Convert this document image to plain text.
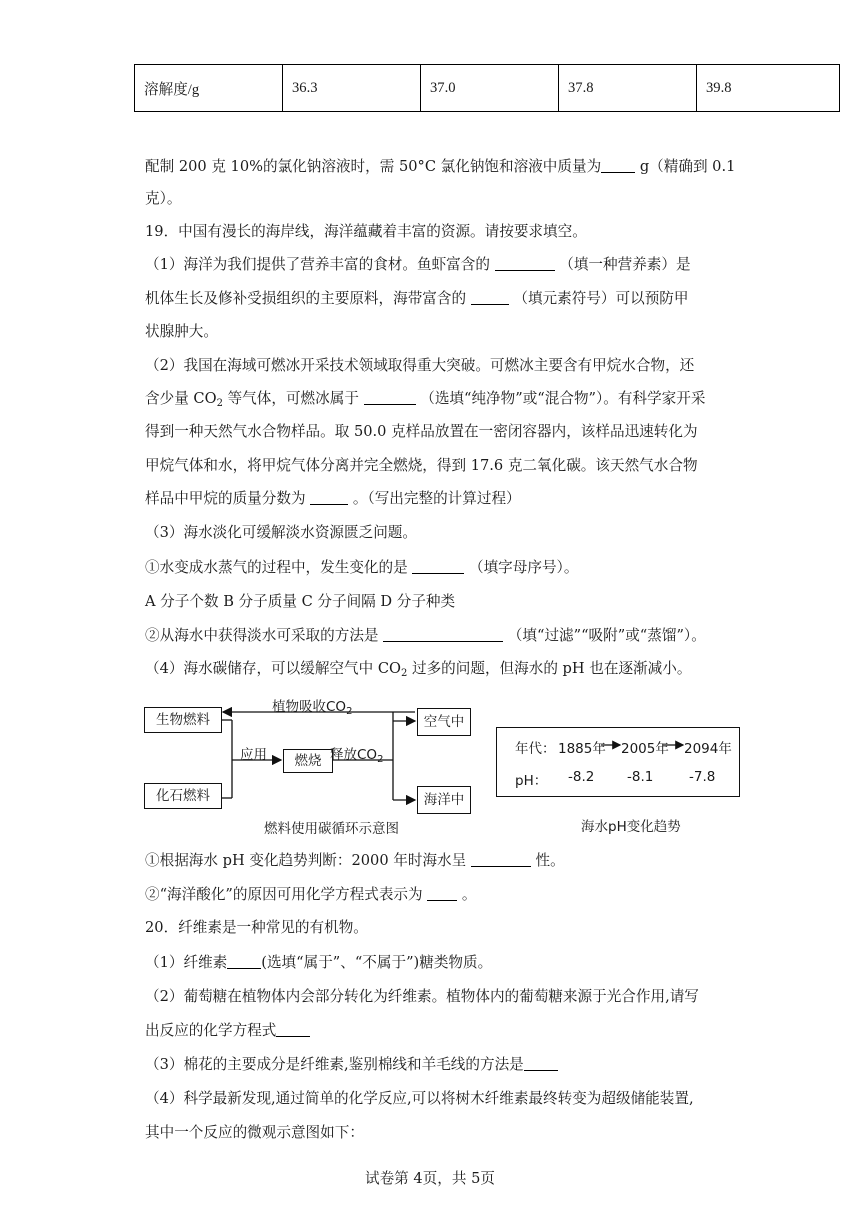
溶解度/g	36.3	37.0	37.8	39.8
配制 200 克 10%的氯化钠溶液时，需 50°C 氯化钠饱和溶液中质量为	g（精确到 0.1
克）。
19．中国有漫长的海岸线，海洋蕴藏着丰富的资源。请按要求填空。
（1）海洋为我们提供了营养丰富的食材。鱼虾富含的	（填一种营养素）是
机体生长及修补受损组织的主要原料，海带富含的	（填元素符号）可以预防甲
状腺肿大。
（2）我国在海域可燃冰开采技术领域取得重大突破。可燃冰主要含有甲烷水合物，还
含少量 $CO_2$ 等气体，可燃冰属于	（选填“纯净物”或“混合物”）。有科学家开采
得到一种天然气水合物样品。取 50.0 克样品放置在一密闭容器内，该样品迅速转化为
甲烷气体和水，将甲烷气体分离并完全燃烧，得到 17.6 克二氧化碳。该天然气水合物
样品中甲烷的质量分数为	。（写出完整的计算过程）
（3）海水淡化可缓解淡水资源匮乏问题。
①水变成水蒸气的过程中，发生变化的是	（填字母序号）。
A 分子个数 B 分子质量 C 分子间隔 D 分子种类
②从海水中获得淡水可采取的方法是	（填“过滤”“吸附”或“蒸馏”）。
（4）海水碳储存，可以缓解空气中 $CO_2$ 过多的问题，但海水的 pH 也在逐渐减小。
生物燃料
化石燃料
燃烧
空气中
海洋中
植物吸收$CO_2$
应用	释放$CO_2$
燃料使用碳循环示意图
年代： 1885年 2005年 2094年
pH： -8.2 -8.1	-7.8
海水pH变化趋势
①根据海水 pH 变化趋势判断：2000 年时海水呈	性。
②“海洋酸化”的原因可用化学方程式表示为	。
20．纤维素是一种常见的有机物。
（1）纤维素 (选填“属于”、“不属于”)糖类物质。
（2）葡萄糖在植物体内会部分转化为纤维素。植物体内的葡萄糖来源于光合作用,请写
出反应的化学方程式
（3）棉花的主要成分是纤维素,鉴别棉线和羊毛线的方法是
（4）科学最新发现,通过简单的化学反应,可以将树木纤维素最终转变为超级储能装置,
其中一个反应的微观示意图如下：
试卷第 4页，共 5页
